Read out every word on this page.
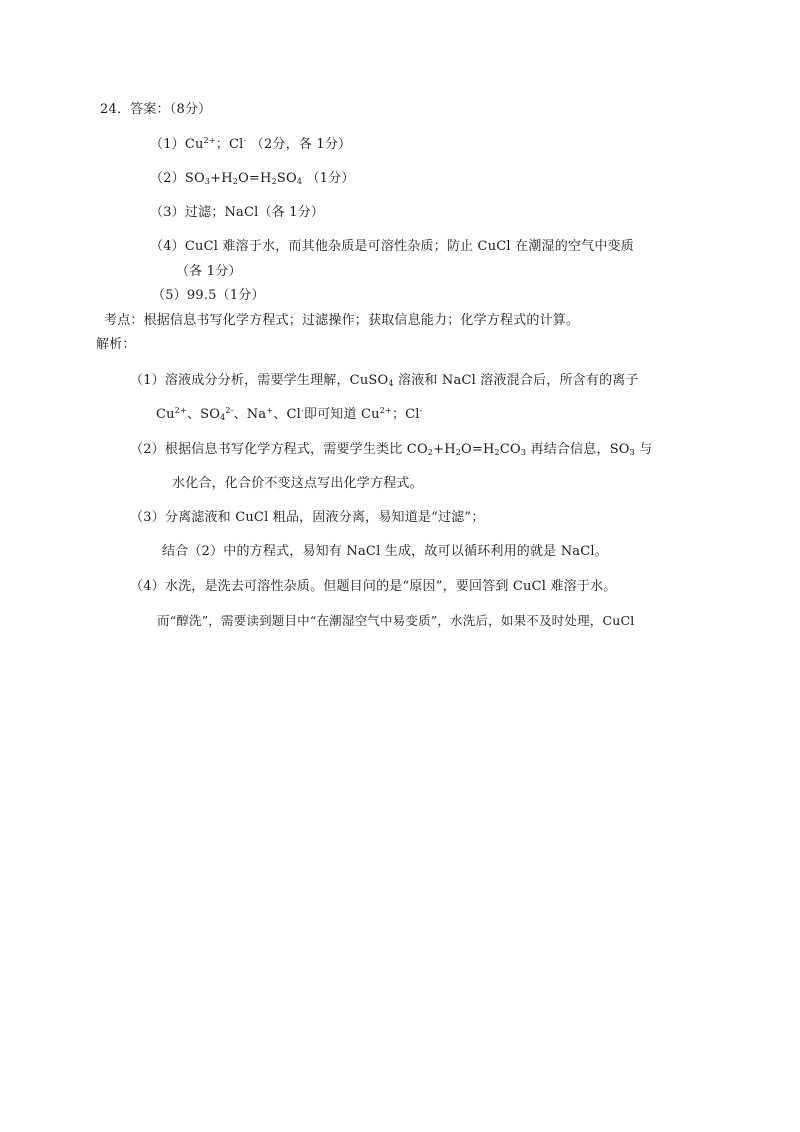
24．答案：（8分）
$(1)Cu^{2+}$；Cl- （2分，各 1分）
$(2)SO_3+H_2O=H_2SO_4$ （1分）
（3）过滤；NaCl（各 1分）
（4）CuCl 难溶于水，而其他杂质是可溶性杂质；防止 CuCl 在潮湿的空气中变质
（各 1分）
（5）99.5（1分）
考点：根据信息书写化学方程式；过滤操作；获取信息能力；化学方程式的计算。
解析：
（1）溶液成分分析，需要学生理解，CuSO$_4$ 溶液和 NaCl 溶液混合后，所含有的离子
$Cu^{2+}$、$SO_4^{2-}$、Na+、Cl-即可知道 $Cu^{2+}$；Cl-
（2）根据信息书写化学方程式，需要学生类比 $CO_2+H_2O=H_2CO_3$ 再结合信息，$SO_3$ 与
水化合，化合价不变这点写出化学方程式。
（3）分离滤液和 CuCl 粗品，固液分离，易知道是“过滤”；
结合（2）中的方程式，易知有 NaCl 生成，故可以循环利用的就是 NaCl。
（4）水洗，是洗去可溶性杂质。但题目问的是“原因”，要回答到 CuCl 难溶于水。
而“醇洗”，需要读到题目中“在潮湿空气中易变质”，水洗后，如果不及时处理，CuCl
